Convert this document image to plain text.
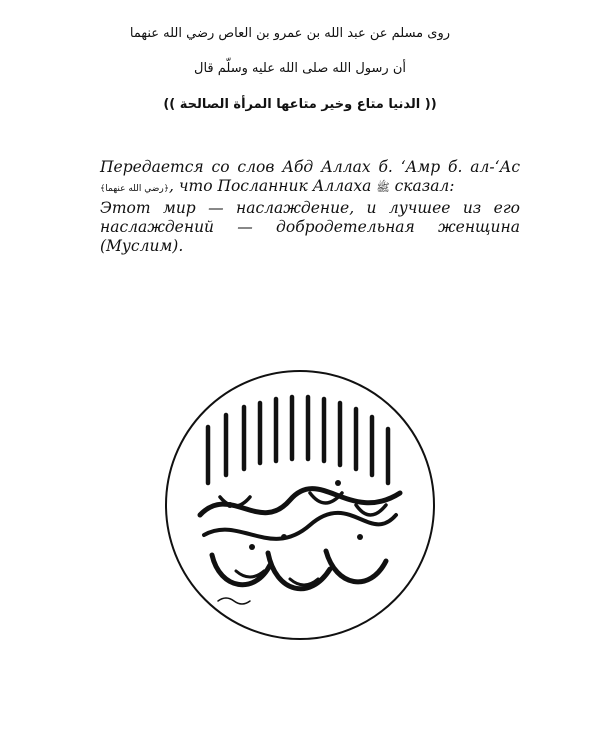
روى مسلم عن عبد الله بن عمرو بن العاص رضي الله عنهما
أن رسول الله صلى الله عليه وسلّم قال
(( الدنيا متاع وخير متاعها المرأة الصالحة ))

Передается со слов Абд Аллах б. ‘Амр б. ал-‘Ас ﴿رضي الله عنهما﴾, что Посланник Аллаха ﷺ сказал:

Этот мир — наслаждение, и лучшее из его наслаждений — добродетельная женщина (Муслим).
